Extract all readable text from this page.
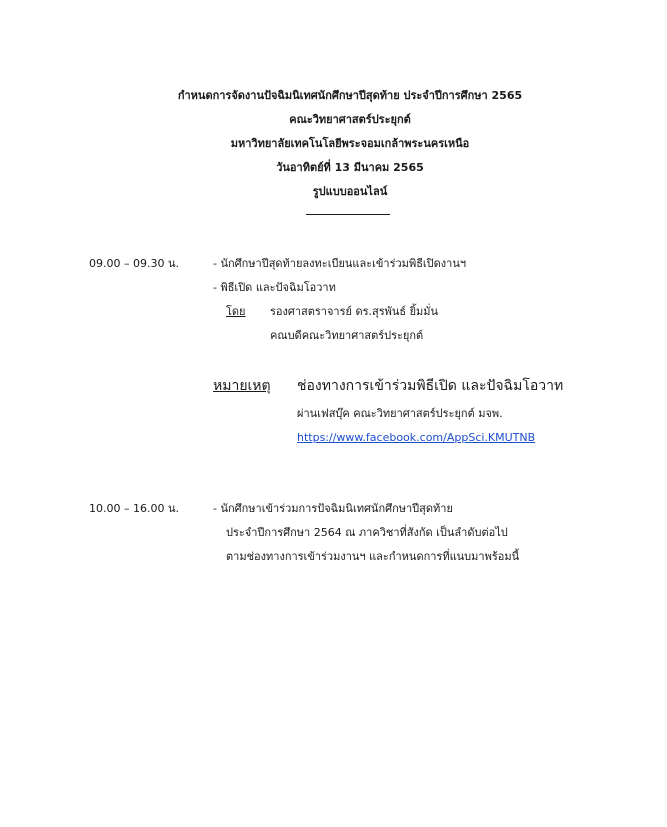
กำหนดการจัดงานปัจฉิมนิเทศนักศึกษาปีสุดท้าย ประจำปีการศึกษา 2565
คณะวิทยาศาสตร์ประยุกต์
มหาวิทยาลัยเทคโนโลยีพระจอมเกล้าพระนครเหนือ
วันอาทิตย์ที่ 13 มีนาคม 2565
รูปแบบออนไลน์
09.00 – 09.30 น.	- นักศึกษาปีสุดท้ายลงทะเบียนและเข้าร่วมพิธีเปิดงานฯ
- พิธีเปิด และปัจฉิมโอวาท
โดย รองศาสตราจารย์ ดร.สุรพันธ์ ยิ้มมั่น
คณบดีคณะวิทยาศาสตร์ประยุกต์
หมายเหตุ ช่องทางการเข้าร่วมพิธีเปิด และปัจฉิมโอวาท
ผ่านเฟสบุ๊ค คณะวิทยาศาสตร์ประยุกต์ มจพ.
https://www.facebook.com/AppSci.KMUTNB
10.00 – 16.00 น.	- นักศึกษาเข้าร่วมการปัจฉิมนิเทศนักศึกษาปีสุดท้าย
ประจำปีการศึกษา 2564 ณ ภาควิชาที่สังกัด เป็นลำดับต่อไป
ตามช่องทางการเข้าร่วมงานฯ และกำหนดการที่แนบมาพร้อมนี้
